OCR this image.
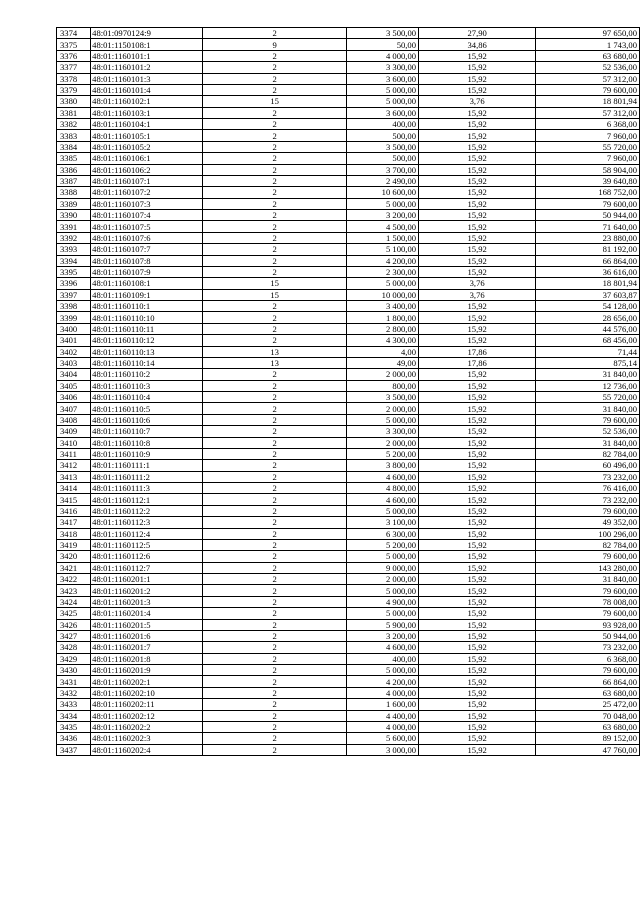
3374	48:01:0970124:9	2	3 500,00	27,90	97 650,00
3375	48:01:1150108:1	9	50,00	34,86	1 743,00
3376	48:01:1160101:1	2	4 000,00	15,92	63 680,00
3377	48:01:1160101:2	2	3 300,00	15,92	52 536,00
3378	48:01:1160101:3	2	3 600,00	15,92	57 312,00
3379	48:01:1160101:4	2	5 000,00	15,92	79 600,00
3380	48:01:1160102:1	15	5 000,00	3,76	18 801,94
3381	48:01:1160103:1	2	3 600,00	15,92	57 312,00
3382	48:01:1160104:1	2	400,00	15,92	6 368,00
3383	48:01:1160105:1	2	500,00	15,92	7 960,00
3384	48:01:1160105:2	2	3 500,00	15,92	55 720,00
3385	48:01:1160106:1	2	500,00	15,92	7 960,00
3386	48:01:1160106:2	2	3 700,00	15,92	58 904,00
3387	48:01:1160107:1	2	2 490,00	15,92	39 640,80
3388	48:01:1160107:2	2	10 600,00	15,92	168 752,00
3389	48:01:1160107:3	2	5 000,00	15,92	79 600,00
3390	48:01:1160107:4	2	3 200,00	15,92	50 944,00
3391	48:01:1160107:5	2	4 500,00	15,92	71 640,00
3392	48:01:1160107:6	2	1 500,00	15,92	23 880,00
3393	48:01:1160107:7	2	5 100,00	15,92	81 192,00
3394	48:01:1160107:8	2	4 200,00	15,92	66 864,00
3395	48:01:1160107:9	2	2 300,00	15,92	36 616,00
3396	48:01:1160108:1	15	5 000,00	3,76	18 801,94
3397	48:01:1160109:1	15	10 000,00	3,76	37 603,87
3398	48:01:1160110:1	2	3 400,00	15,92	54 128,00
3399	48:01:1160110:10	2	1 800,00	15,92	28 656,00
3400	48:01:1160110:11	2	2 800,00	15,92	44 576,00
3401	48:01:1160110:12	2	4 300,00	15,92	68 456,00
3402	48:01:1160110:13	13	4,00	17,86	71,44
3403	48:01:1160110:14	13	49,00	17,86	875,14
3404	48:01:1160110:2	2	2 000,00	15,92	31 840,00
3405	48:01:1160110:3	2	800,00	15,92	12 736,00
3406	48:01:1160110:4	2	3 500,00	15,92	55 720,00
3407	48:01:1160110:5	2	2 000,00	15,92	31 840,00
3408	48:01:1160110:6	2	5 000,00	15,92	79 600,00
3409	48:01:1160110:7	2	3 300,00	15,92	52 536,00
3410	48:01:1160110:8	2	2 000,00	15,92	31 840,00
3411	48:01:1160110:9	2	5 200,00	15,92	82 784,00
3412	48:01:1160111:1	2	3 800,00	15,92	60 496,00
3413	48:01:1160111:2	2	4 600,00	15,92	73 232,00
3414	48:01:1160111:3	2	4 800,00	15,92	76 416,00
3415	48:01:1160112:1	2	4 600,00	15,92	73 232,00
3416	48:01:1160112:2	2	5 000,00	15,92	79 600,00
3417	48:01:1160112:3	2	3 100,00	15,92	49 352,00
3418	48:01:1160112:4	2	6 300,00	15,92	100 296,00
3419	48:01:1160112:5	2	5 200,00	15,92	82 784,00
3420	48:01:1160112:6	2	5 000,00	15,92	79 600,00
3421	48:01:1160112:7	2	9 000,00	15,92	143 280,00
3422	48:01:1160201:1	2	2 000,00	15,92	31 840,00
3423	48:01:1160201:2	2	5 000,00	15,92	79 600,00
3424	48:01:1160201:3	2	4 900,00	15,92	78 008,00
3425	48:01:1160201:4	2	5 000,00	15,92	79 600,00
3426	48:01:1160201:5	2	5 900,00	15,92	93 928,00
3427	48:01:1160201:6	2	3 200,00	15,92	50 944,00
3428	48:01:1160201:7	2	4 600,00	15,92	73 232,00
3429	48:01:1160201:8	2	400,00	15,92	6 368,00
3430	48:01:1160201:9	2	5 000,00	15,92	79 600,00
3431	48:01:1160202:1	2	4 200,00	15,92	66 864,00
3432	48:01:1160202:10	2	4 000,00	15,92	63 680,00
3433	48:01:1160202:11	2	1 600,00	15,92	25 472,00
3434	48:01:1160202:12	2	4 400,00	15,92	70 048,00
3435	48:01:1160202:2	2	4 000,00	15,92	63 680,00
3436	48:01:1160202:3	2	5 600,00	15,92	89 152,00
3437	48:01:1160202:4	2	3 000,00	15,92	47 760,00
